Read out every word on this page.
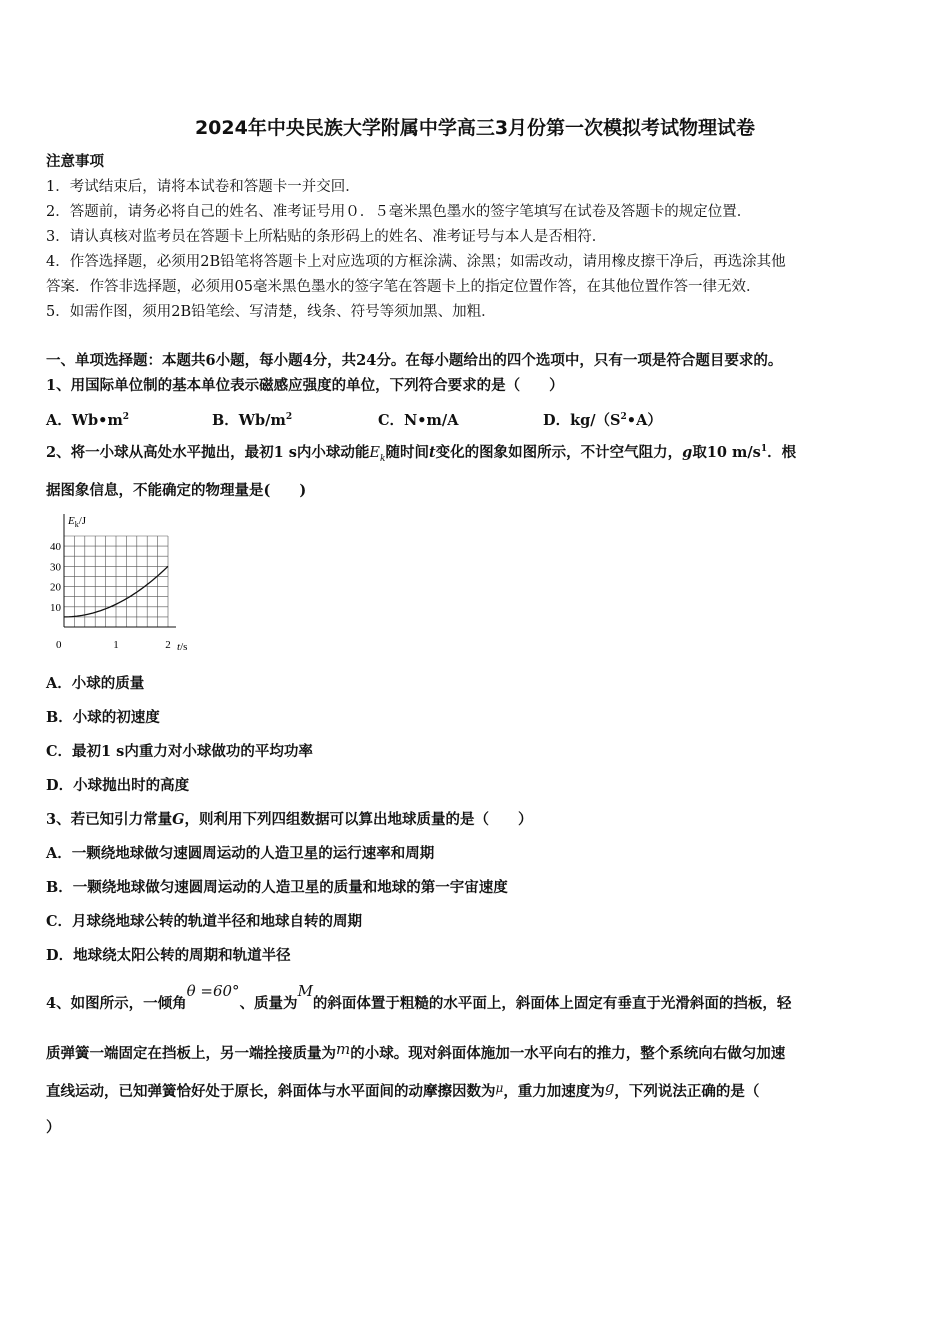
2024年中央民族大学附属中学高三3月份第一次模拟考试物理试卷
注意事项
1．考试结束后，请将本试卷和答题卡一并交回．
2．答题前，请务必将自己的姓名、准考证号用０．５毫米黑色墨水的签字笔填写在试卷及答题卡的规定位置．
3．请认真核对监考员在答题卡上所粘贴的条形码上的姓名、准考证号与本人是否相符．
4．作答选择题，必须用2B铅笔将答题卡上对应选项的方框涂满、涂黑；如需改动，请用橡皮擦干净后，再选涂其他
答案．作答非选择题，必须用05毫米黑色墨水的签字笔在答题卡上的指定位置作答，在其他位置作答一律无效．
5．如需作图，须用2B铅笔绘、写清楚，线条、符号等须加黑、加粗．
一、单项选择题：本题共6小题，每小题4分，共24分。在每小题给出的四个选项中，只有一项是符合题目要求的。
1、用国际单位制的基本单位表示磁感应强度的单位，下列符合要求的是（　　）
A．$Wb•m^2$	B．$Wb/m^2$	C．N•m/A	D．$kg/(S^2•A)$
2、将一小球从高处水平抛出，最初1 s内小球动能$E_k$随时间t变化的图象如图所示，不计空气阻力，g取10 $m/s^1$．根
据图象信息，不能确定的物理量是(　　)
10
20
30
40
1	2
$E_k/J$
t/s
0
A．小球的质量
B．小球的初速度
C．最初1 s内重力对小球做功的平均功率
D．小球抛出时的高度
3、若已知引力常量G，则利用下列四组数据可以算出地球质量的是（　　）
A．一颗绕地球做匀速圆周运动的人造卫星的运行速率和周期
B．一颗绕地球做匀速圆周运动的人造卫星的质量和地球的第一宇宙速度
C．月球绕地球公转的轨道半径和地球自转的周期
D．地球绕太阳公转的周期和轨道半径
4、如图所示，一倾角θ =60°、质量为M的斜面体置于粗糙的水平面上，斜面体上固定有垂直于光滑斜面的挡板，轻
质弹簧一端固定在挡板上，另一端拴接质量为m的小球。现对斜面体施加一水平向右的推力，整个系统向右做匀加速
直线运动，已知弹簧恰好处于原长，斜面体与水平面间的动摩擦因数为$^\mu$，重力加速度为g，下列说法正确的是（
）
